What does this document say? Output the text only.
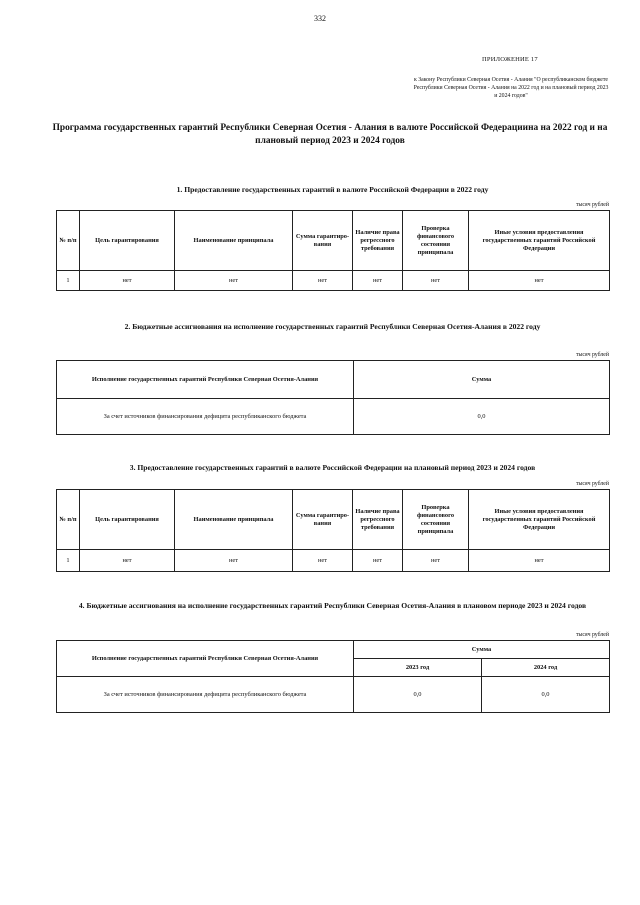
332
ПРИЛОЖЕНИЕ 17
к Закону Республики Северная Осетия - Алания "О республиканском бюджете Республики Северная Осетия - Алания на 2022 год и на плановый период 2023 и 2024 годов"
Программа государственных гарантий Республики Северная Осетия - Алания в валюте Российской Федерациина на 2022 год и на плановый период 2023 и 2024 годов
1. Предоставление государственных гарантий в валюте Российской Федерации в 2022 году
тысяч рублей
№ п/п	Цель гарантирования	Наименование принципала	Сумма гарантиро-вания	Наличие права регрессного требования	Проверка финансового состояния принципала	Иные условия предоставления государственных гарантий Российской Федерации
1	нет	нет	нет	нет	нет	нет
2. Бюджетные ассигнования на исполнение государственных гарантий Республики Северная Осетия-Алания в 2022 году
тысяч рублей
Исполнение государственных гарантий Республики Северная Осетия-Алания	Сумма
За счет источников финансирования дефицита республиканского бюджета	0,0
3. Предоставление государственных гарантий в валюте Российской Федерации на плановый период 2023 и 2024 годов
тысяч рублей
№ п/п	Цель гарантирования	Наименование принципала	Сумма гарантиро-вания	Наличие права регрессного требования	Проверка финансового состояния принципала	Иные условия предоставления государственных гарантий Российской Федерации
1	нет	нет	нет	нет	нет	нет
4. Бюджетные ассигнования на исполнение государственных гарантий Республики Северная Осетия-Алания в плановом периоде 2023 и 2024 годов
тысяч рублей
Исполнение государственных гарантий Республики Северная Осетия-Алания	Сумма	
	2023 год	2024 год
За счет источников финансирования дефицита республиканского бюджета	0,0	0,0
